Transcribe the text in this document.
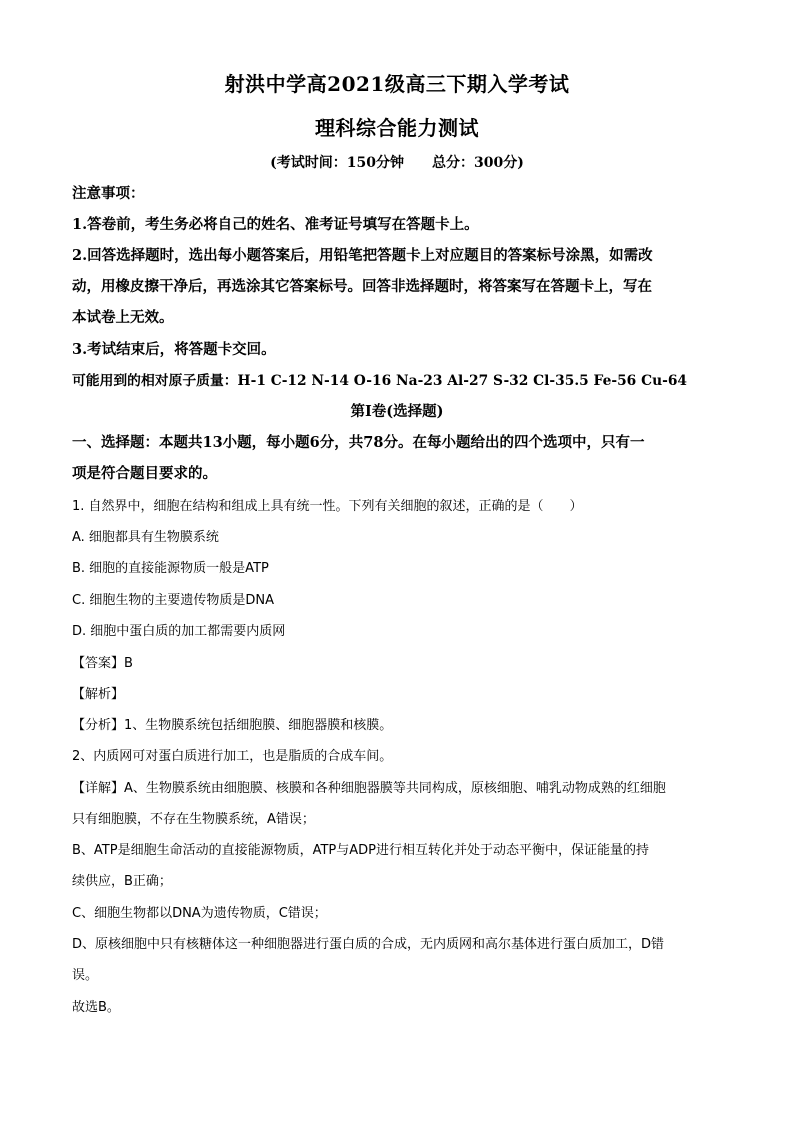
射洪中学高2021级高三下期入学考试
理科综合能力测试
(考试时间：150分钟　　总分：300分)
注意事项：
1.答卷前，考生务必将自己的姓名、准考证号填写在答题卡上。
2.回答选择题时，选出每小题答案后，用铅笔把答题卡上对应题目的答案标号涂黑，如需改
动，用橡皮擦干净后，再选涂其它答案标号。回答非选择题时，将答案写在答题卡上，写在
本试卷上无效。
3.考试结束后，将答题卡交回。
可能用到的相对原子质量：H-1 C-12 N-14 O-16 Na-23 Al-27 S-32 Cl-35.5 Fe-56 Cu-64
第Ⅰ卷(选择题)
一、选择题：本题共13小题，每小题6分，共78分。在每小题给出的四个选项中，只有一
项是符合题目要求的。
1. 自然界中，细胞在结构和组成上具有统一性。下列有关细胞的叙述，正确的是（　　）
A. 细胞都具有生物膜系统
B. 细胞的直接能源物质一般是ATP
C. 细胞生物的主要遗传物质是DNA
D. 细胞中蛋白质的加工都需要内质网
【答案】B
【解析】
【分析】1、生物膜系统包括细胞膜、细胞器膜和核膜。
2、内质网可对蛋白质进行加工，也是脂质的合成车间。
【详解】A、生物膜系统由细胞膜、核膜和各种细胞器膜等共同构成，原核细胞、哺乳动物成熟的红细胞
只有细胞膜，不存在生物膜系统，A错误；
B、ATP是细胞生命活动的直接能源物质，ATP与ADP进行相互转化并处于动态平衡中，保证能量的持
续供应，B正确；
C、细胞生物都以DNA为遗传物质，C错误；
D、原核细胞中只有核糖体这一种细胞器进行蛋白质的合成，无内质网和高尔基体进行蛋白质加工，D错
误。
故选B。
